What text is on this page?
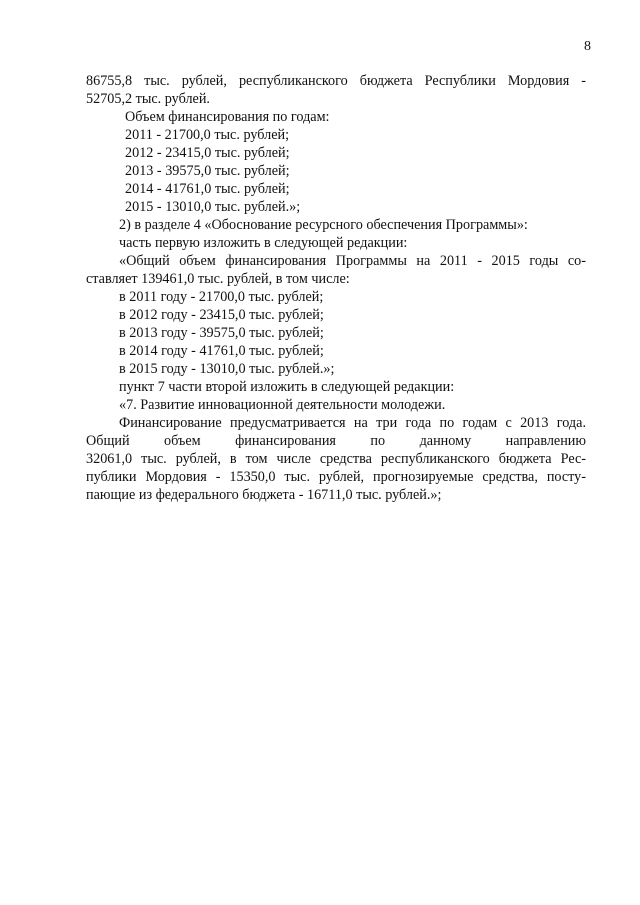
8
86755,8 тыс. рублей, республиканского бюджета Республики Мордовия -
52705,2 тыс. рублей.
Объем финансирования по годам:
2011 - 21700,0 тыс. рублей;
2012 - 23415,0 тыс. рублей;
2013 - 39575,0 тыс. рублей;
2014 - 41761,0 тыс. рублей;
2015 - 13010,0 тыс. рублей.»;
2) в разделе 4 «Обоснование ресурсного обеспечения Программы»:
часть первую изложить в следующей редакции:
«Общий объем финансирования Программы на 2011 - 2015 годы со-
ставляет 139461,0 тыс. рублей, в том числе:
в 2011 году - 21700,0 тыс. рублей;
в 2012 году - 23415,0 тыс. рублей;
в 2013 году - 39575,0 тыс. рублей;
в 2014 году - 41761,0 тыс. рублей;
в 2015 году - 13010,0 тыс. рублей.»;
пункт 7 части второй изложить в следующей редакции:
«7. Развитие инновационной деятельности молодежи.
Финансирование предусматривается на три года по годам с 2013 года.
Общий объем финансирования по данному направлению
32061,0 тыс. рублей, в том числе средства республиканского бюджета Рес-
публики Мордовия - 15350,0 тыс. рублей, прогнозируемые средства, посту-
пающие из федерального бюджета - 16711,0 тыс. рублей.»;
